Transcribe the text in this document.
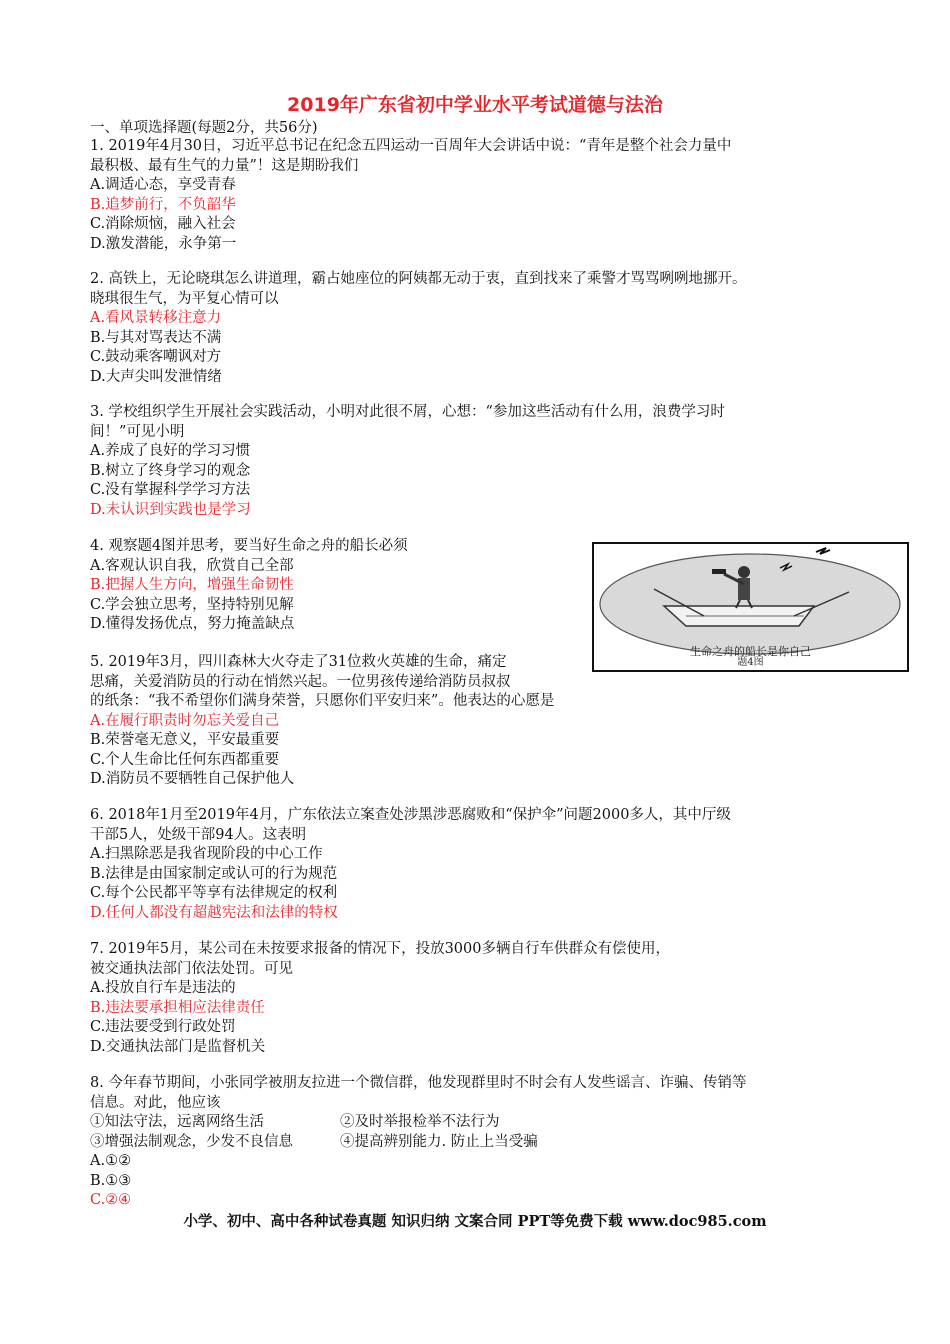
2019年广东省初中学业水平考试道德与法治
一、单项选择题(每题2分，共56分)
1. 2019年4月30日，习近平总书记在纪念五四运动一百周年大会讲话中说：“青年是整个社会力量中
最积极、最有生气的力量”！这是期盼我们
A.调适心态，享受青春
B.追梦前行，不负韶华
C.消除烦恼，融入社会
D.激发潜能，永争第一
2. 高铁上，无论晓琪怎么讲道理，霸占她座位的阿姨都无动于衷，直到找来了乘警才骂骂咧咧地挪开。
晓琪很生气，为平复心情可以
A.看风景转移注意力
B.与其对骂表达不满
C.鼓动乘客嘲讽对方
D.大声尖叫发泄情绪
3. 学校组织学生开展社会实践活动，小明对此很不屑，心想：“参加这些活动有什么用，浪费学习时
间！”可见小明
A.养成了良好的学习习惯
B.树立了终身学习的观念
C.没有掌握科学学习方法
D.未认识到实践也是学习
4. 观察题4图并思考，要当好生命之舟的船长必须
A.客观认识自我，欣赏自己全部
B.把握人生方向，增强生命韧性
C.学会独立思考，坚持特别见解
D.懂得发扬优点，努力掩盖缺点
生命之舟的船长是你自己
题4图
5. 2019年3月，四川森林大火夺走了31位救火英雄的生命，痛定
思痛，关爱消防员的行动在悄然兴起。一位男孩传递给消防员叔叔
的纸条：“我不希望你们满身荣誉，只愿你们平安归来”。他表达的心愿是
A.在履行职责时勿忘关爱自己
B.荣誉毫无意义，平安最重要
C.个人生命比任何东西都重要
D.消防员不要牺牲自己保护他人
6. 2018年1月至2019年4月，广东依法立案查处涉黑涉恶腐败和“保护伞”问题2000多人，其中厅级
干部5人，处级干部94人。这表明
A.扫黑除恶是我省现阶段的中心工作
B.法律是由国家制定或认可的行为规范
C.每个公民都平等享有法律规定的权利
D.任何人都没有超越宪法和法律的特权
7. 2019年5月，某公司在未按要求报备的情况下，投放3000多辆自行车供群众有偿使用，
被交通执法部门依法处罚。可见
A.投放自行车是违法的
B.违法要承担相应法律责任
C.违法要受到行政处罚
D.交通执法部门是监督机关
8. 今年春节期间，小张同学被朋友拉进一个微信群，他发现群里时不时会有人发些谣言、诈骗、传销等
信息。对此，他应该
①知法守法，远离网络生活	②及时举报检举不法行为
③增强法制观念，少发不良信息	④提高辨别能力. 防止上当受骗
A.①②
B.①③
C.②④
小学、初中、高中各种试卷真题 知识归纳 文案合同 PPT等免费下载 www.doc985.com
